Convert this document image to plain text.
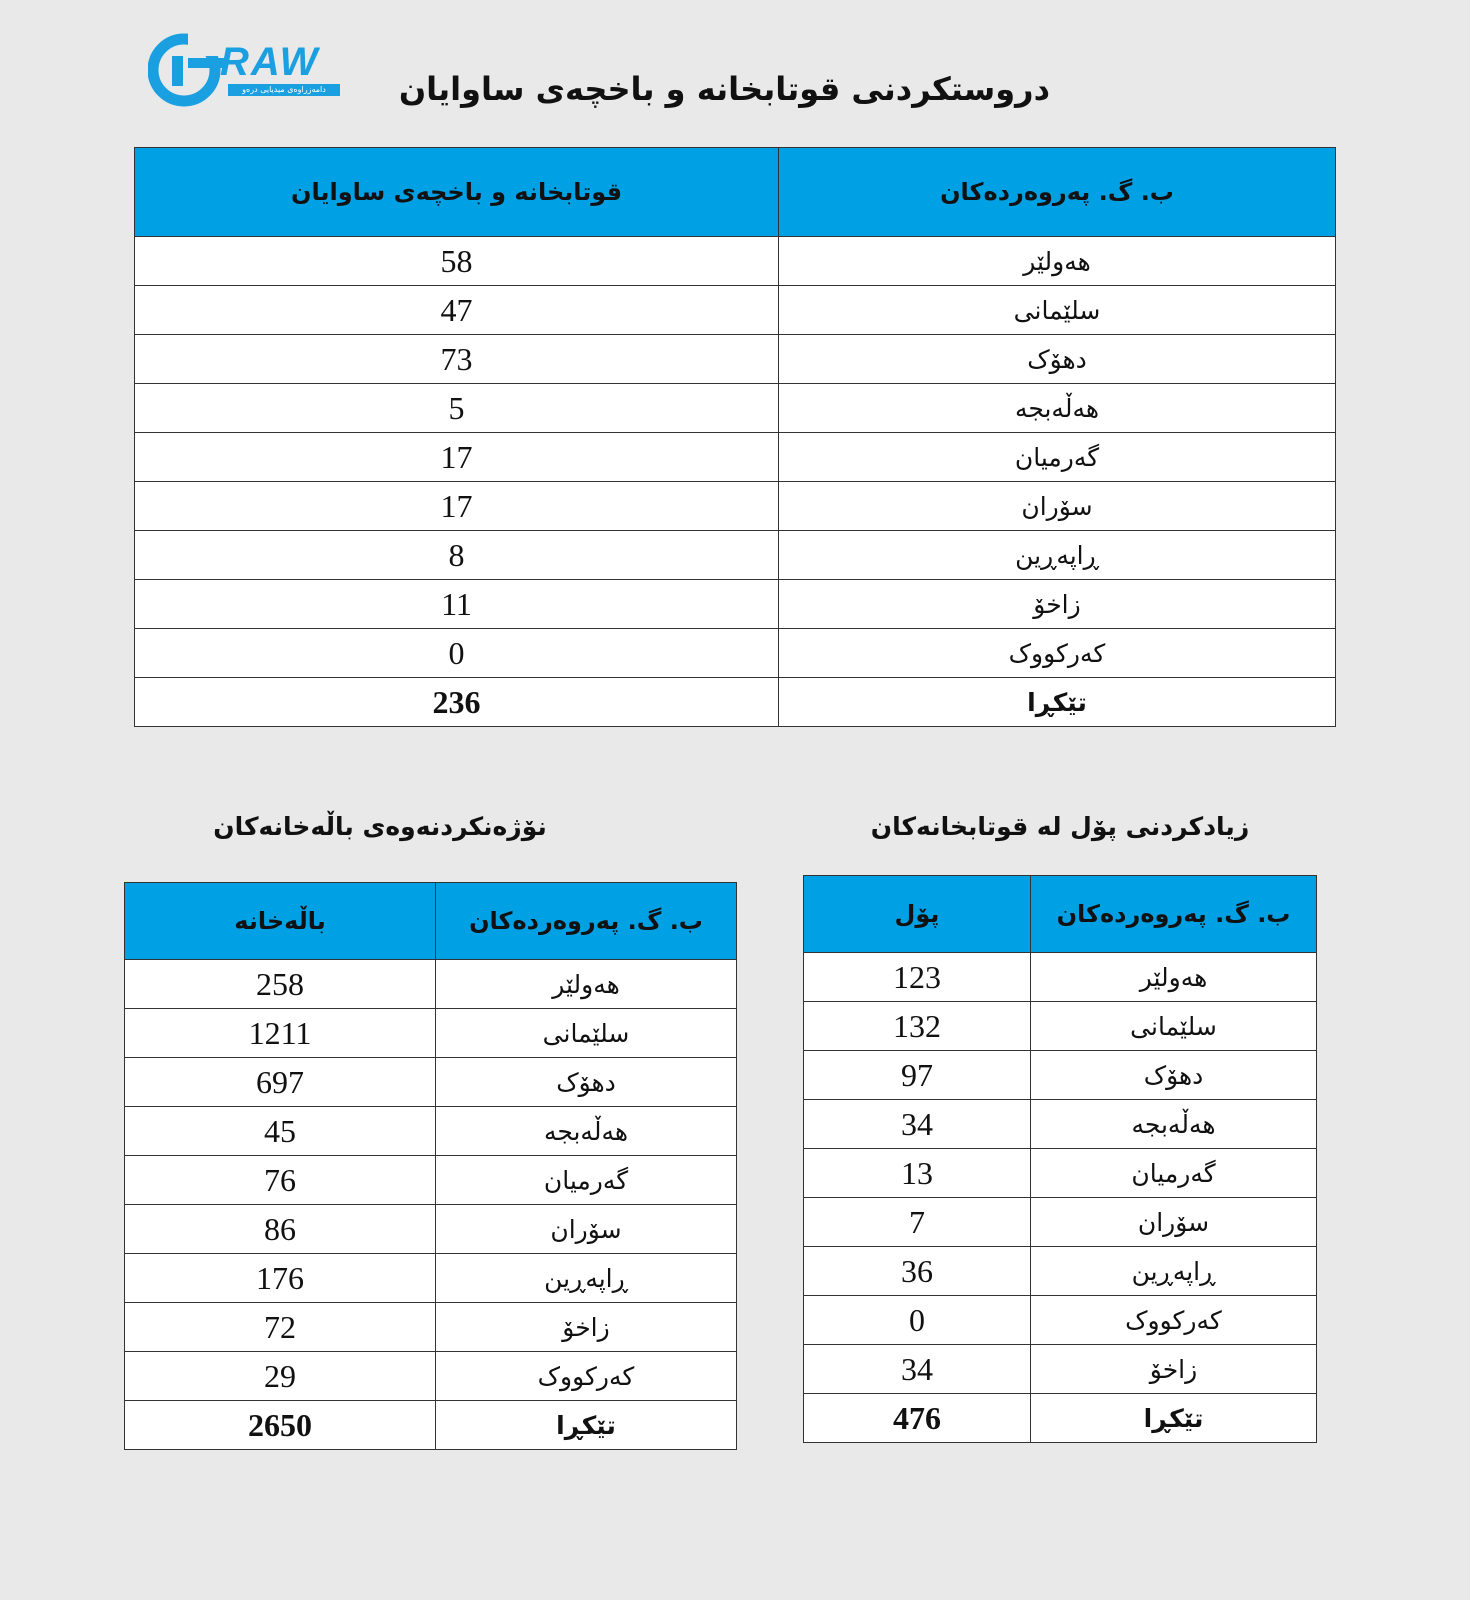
RAW
دامەزراوەی میدیایی درەو	دروستکردنی قوتابخانە و باخچەی ساوایان
قوتابخانە و باخچەی ساوایان	ب. گ. پەروەردەکان
58	هەولێر
47	سلێمانی
73	دهۆک
5	هەڵەبجە
17	گەرمیان
17	سۆران
8	ڕاپەڕین
11	زاخۆ
0	کەرکووک
236	تێکڕا
نۆژەنکردنەوەی باڵەخانەکان	زیادکردنی پۆل لە قوتابخانەکان
باڵەخانە	ب. گ. پەروەردەکان
258	هەولێر
1211	سلێمانی
697	دهۆک
45	هەڵەبجە
76	گەرمیان
86	سۆران
176	ڕاپەڕین
72	زاخۆ
29	کەرکووک
2650	تێکڕا
پۆل	ب. گ. پەروەردەکان
123	هەولێر
132	سلێمانی
97	دهۆک
34	هەڵەبجە
13	گەرمیان
7	سۆران
36	ڕاپەڕین
0	کەرکووک
34	زاخۆ
476	تێکڕا
